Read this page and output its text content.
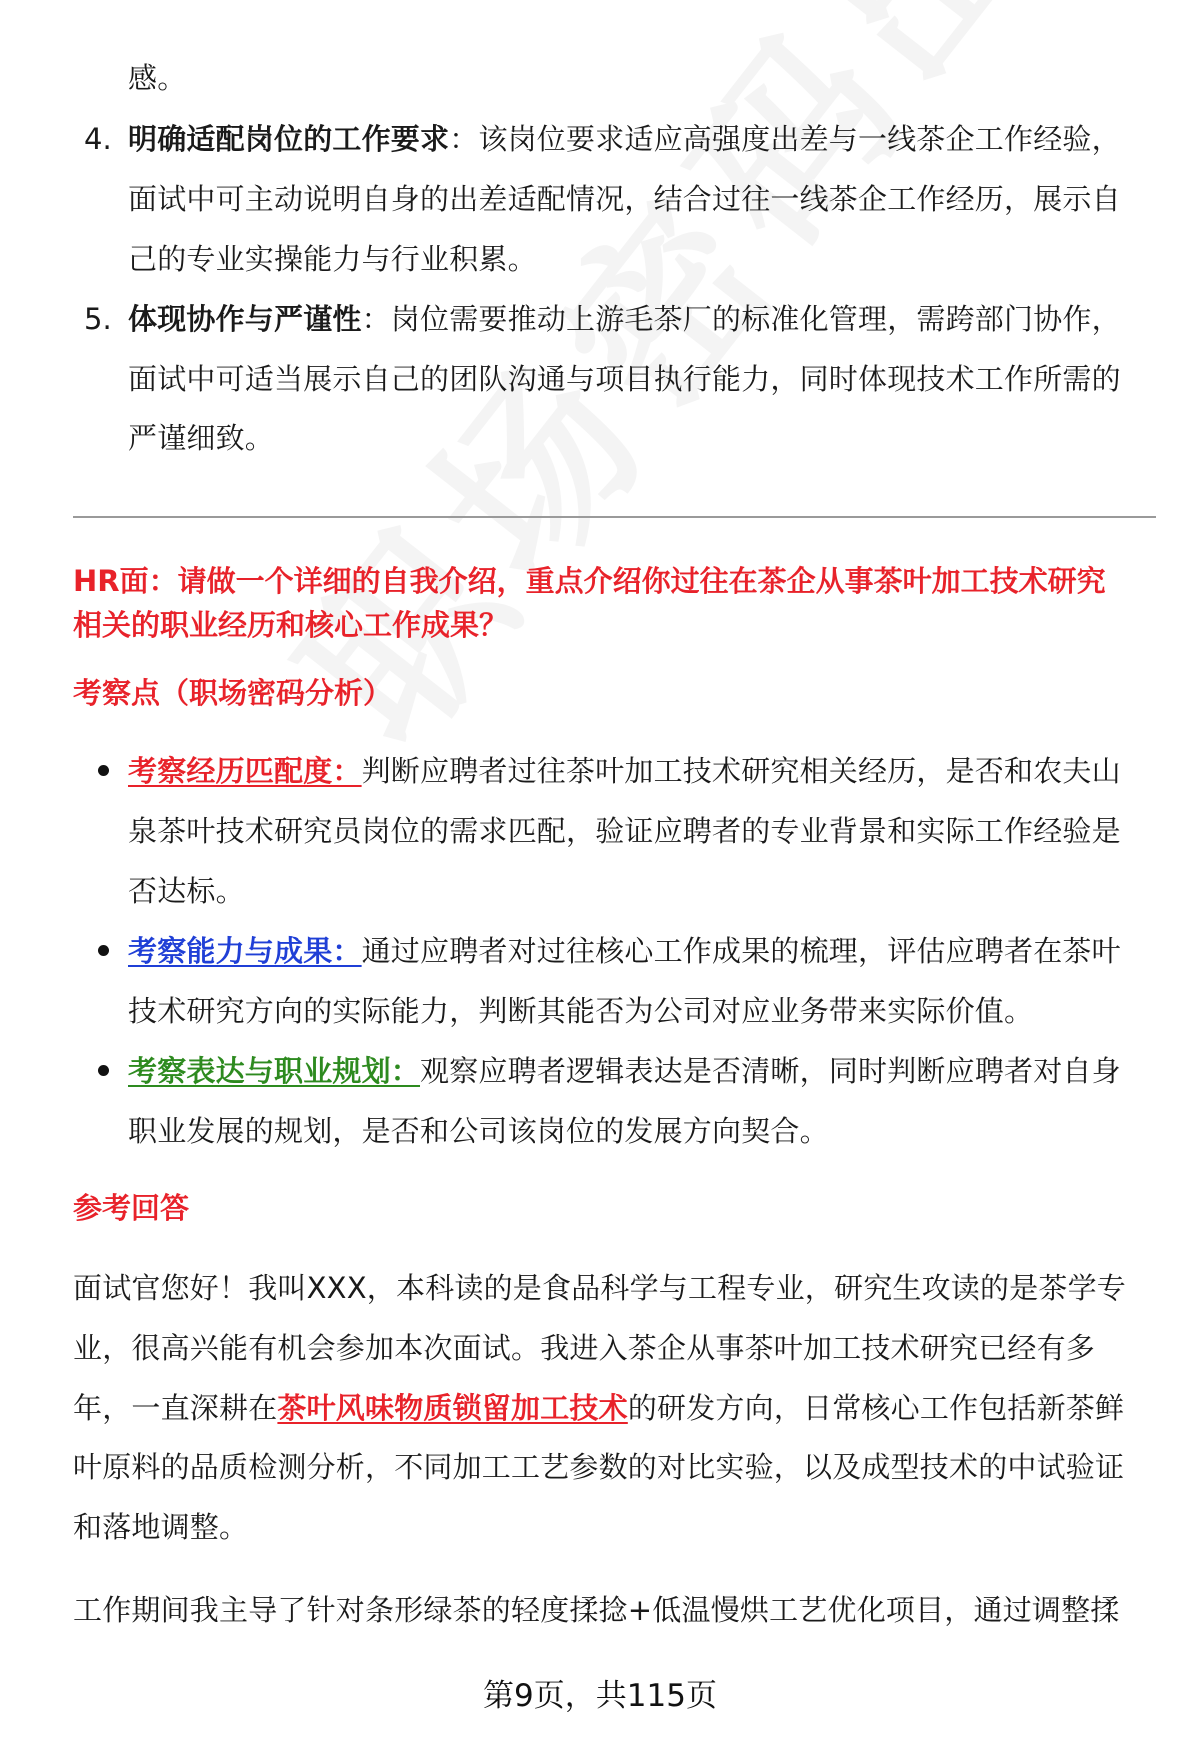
感。
4. 明确适配岗位的工作要求：该岗位要求适应高强度出差与一线茶企工作经验，
面试中可主动说明自身的出差适配情况，结合过往一线茶企工作经历，展示自
己的专业实操能力与行业积累。
5. 体现协作与严谨性：岗位需要推动上游毛茶厂的标准化管理，需跨部门协作，
面试中可适当展示自己的团队沟通与项目执行能力，同时体现技术工作所需的
严谨细致。
HR面：请做一个详细的自我介绍，重点介绍你过往在茶企从事茶叶加工技术研究
相关的职业经历和核心工作成果？
考察点（职场密码分析）
考察经历匹配度：判断应聘者过往茶叶加工技术研究相关经历，是否和农夫山
泉茶叶技术研究员岗位的需求匹配，验证应聘者的专业背景和实际工作经验是
否达标。
考察能力与成果：通过应聘者对过往核心工作成果的梳理，评估应聘者在茶叶
技术研究方向的实际能力，判断其能否为公司对应业务带来实际价值。
考察表达与职业规划：观察应聘者逻辑表达是否清晰，同时判断应聘者对自身
职业发展的规划，是否和公司该岗位的发展方向契合。
参考回答
面试官您好！我叫XXX，本科读的是食品科学与工程专业，研究生攻读的是茶学专
业，很高兴能有机会参加本次面试。我进入茶企从事茶叶加工技术研究已经有多
年，一直深耕在茶叶风味物质锁留加工技术的研发方向，日常核心工作包括新茶鲜
叶原料的品质检测分析，不同加工工艺参数的对比实验，以及成型技术的中试验证
和落地调整。
工作期间我主导了针对条形绿茶的轻度揉捻+低温慢烘工艺优化项目，通过调整揉
第9页，共115页
